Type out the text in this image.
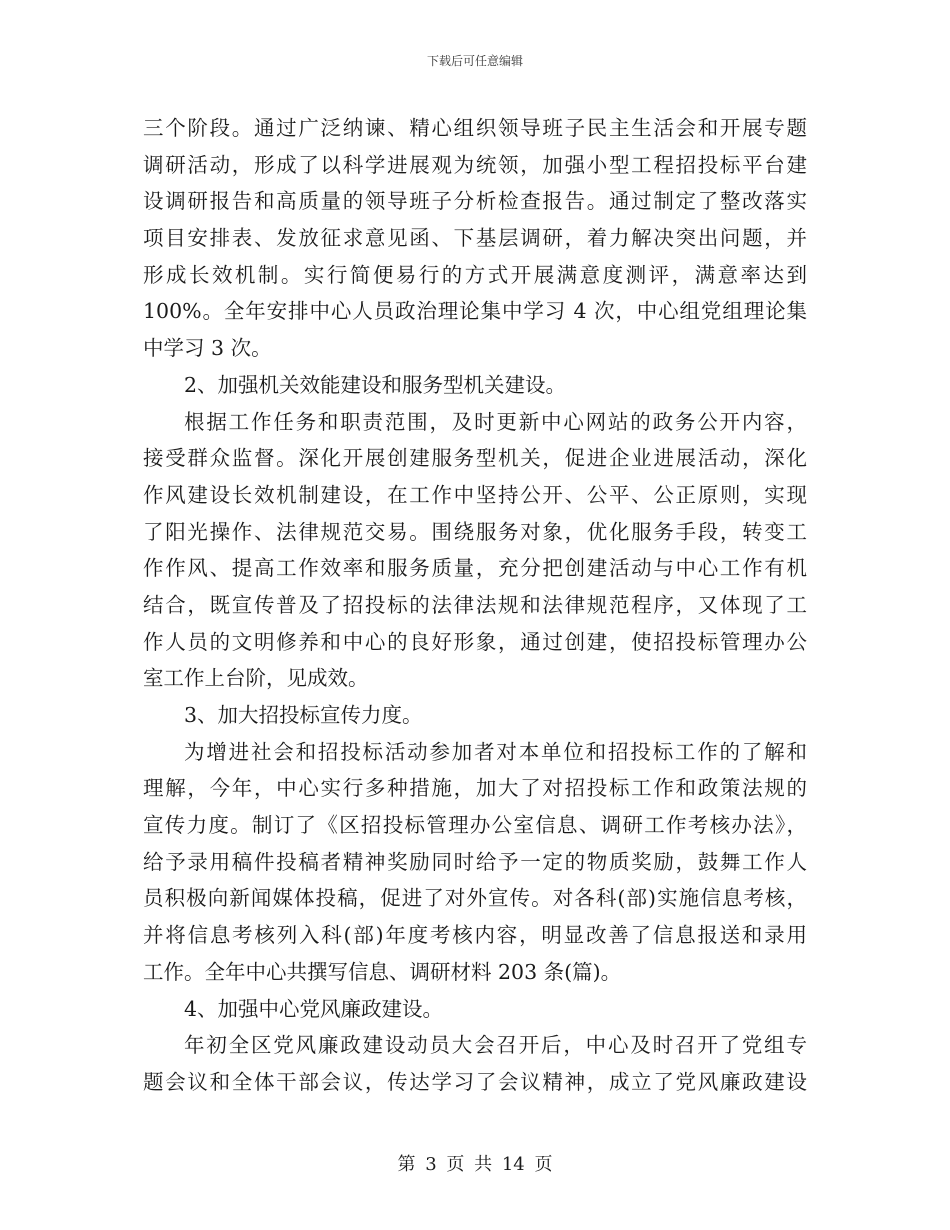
下载后可任意编辑
三个阶段。通过广泛纳谏、精心组织领导班子民主生活会和开展专题
调研活动，形成了以科学进展观为统领，加强小型工程招投标平台建
设调研报告和高质量的领导班子分析检查报告。通过制定了整改落实
项目安排表、发放征求意见函、下基层调研，着力解决突出问题，并
形成长效机制。实行简便易行的方式开展满意度测评，满意率达到
100%。全年安排中心人员政治理论集中学习 4 次，中心组党组理论集
中学习 3 次。
2、加强机关效能建设和服务型机关建设。
根据工作任务和职责范围，及时更新中心网站的政务公开内容，
接受群众监督。深化开展创建服务型机关，促进企业进展活动，深化
作风建设长效机制建设，在工作中坚持公开、公平、公正原则，实现
了阳光操作、法律规范交易。围绕服务对象，优化服务手段，转变工
作作风、提高工作效率和服务质量，充分把创建活动与中心工作有机
结合，既宣传普及了招投标的法律法规和法律规范程序，又体现了工
作人员的文明修养和中心的良好形象，通过创建，使招投标管理办公
室工作上台阶，见成效。
3、加大招投标宣传力度。
为增进社会和招投标活动参加者对本单位和招投标工作的了解和
理解，今年，中心实行多种措施，加大了对招投标工作和政策法规的
宣传力度。制订了《区招投标管理办公室信息、调研工作考核办法》，
给予录用稿件投稿者精神奖励同时给予一定的物质奖励，鼓舞工作人
员积极向新闻媒体投稿，促进了对外宣传。对各科(部)实施信息考核，
并将信息考核列入科(部)年度考核内容，明显改善了信息报送和录用
工作。全年中心共撰写信息、调研材料 203 条(篇)。
4、加强中心党风廉政建设。
年初全区党风廉政建设动员大会召开后，中心及时召开了党组专
题会议和全体干部会议，传达学习了会议精神，成立了党风廉政建设
第 3 页 共 14 页
